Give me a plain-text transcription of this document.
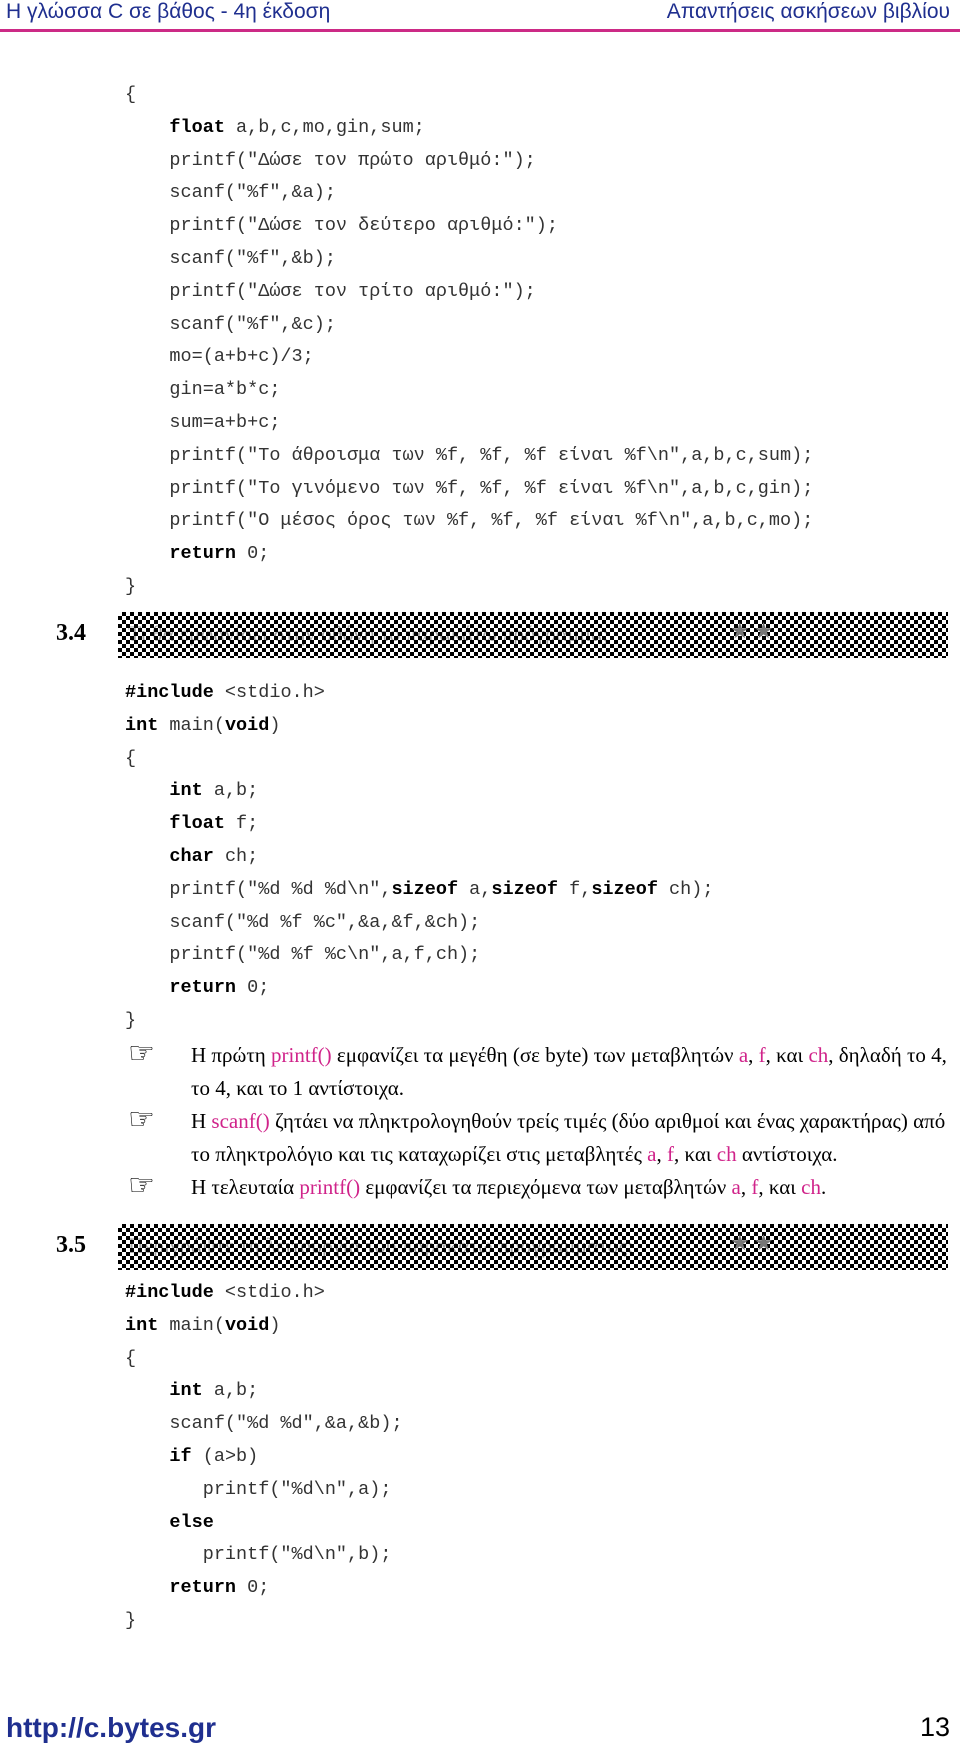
Η γλώσσα C σε βάθος - 4η έκδοση	Απαντήσεις ασκήσεων βιβλίου
{
float a,b,c,mo,gin,sum;
printf("Δώσε τον πρώτο αριθμό:");
scanf("%f",&a);
printf("Δώσε τον δεύτερο αριθμό:");
scanf("%f",&b);
printf("Δώσε τον τρίτο αριθμό:");
scanf("%f",&c);
mo=(a+b+c)/3;
gin=a*b*c;
sum=a+b+c;
printf("Το άθροισμα των %f, %f, %f είναι %f\n",a,b,c,sum);
printf("Το γινόμενο των %f, %f, %f είναι %f\n",a,b,c,gin);
printf("Ο μέσος όρος των %f, %f, %f είναι %f\n",a,b,c,mo);
return 0;
}
3.4 Τι θα εμφανίσει στην οθόνη το παρακάτω πρόγραμμα;	★★
#include <stdio.h>
int main(void)
{
int a,b;
float f;
char ch;
printf("%d %d %d\n",sizeof a,sizeof f,sizeof ch);
scanf("%d %f %c",&a,&f,&ch);
printf("%d %f %c\n",a,f,ch);
return 0;
}
☞ Η πρώτη printf() εμφανίζει τα μεγέθη (σε byte) των μεταβλητών a, f, και ch, δηλαδή το 4, το 4, και το 1 αντίστοιχα.
☞ Η scanf() ζητάει να πληκτρολογηθούν τρείς τιμές (δύο αριθμοί και ένας χαρακτήρας) από το πληκτρολόγιο και τις καταχωρίζει στις μεταβλητές a, f, και ch αντίστοιχα.
☞ Η τελευταία printf() εμφανίζει τα περιεχόμενα των μεταβλητών a, f, και ch.
3.5 Περιγράψτε τη λειτουργία του παρακάτω προγράμματος:	★★
#include <stdio.h>
int main(void)
{
int a,b;
scanf("%d %d",&a,&b);
if (a>b)
printf("%d\n",a);
else
printf("%d\n",b);
return 0;
}
http://c.bytes.gr	13
